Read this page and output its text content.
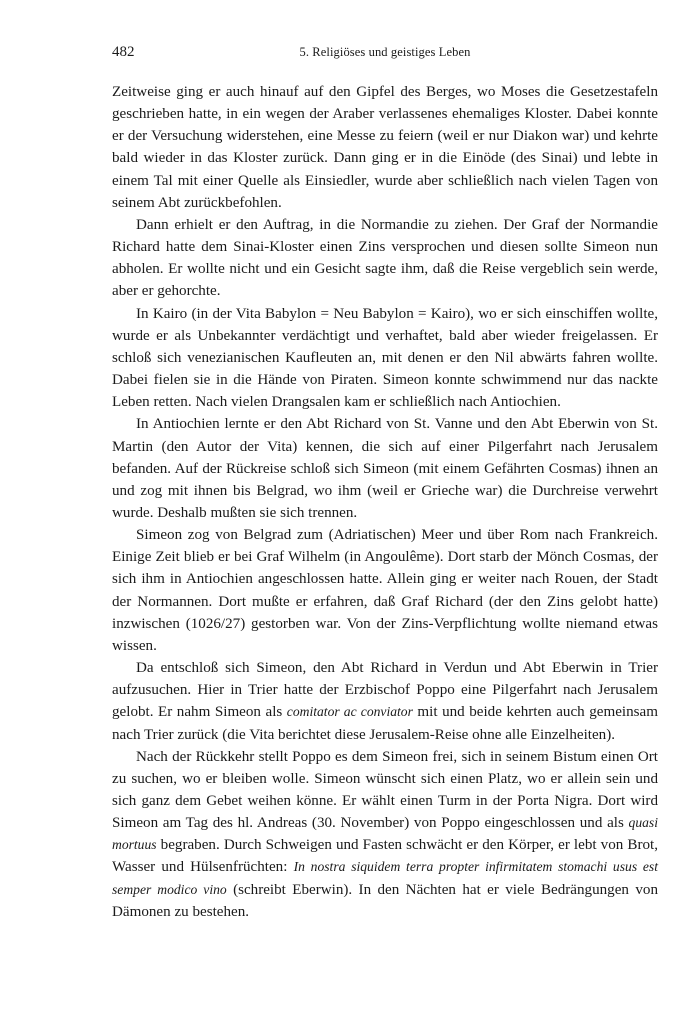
482	5. Religiöses und geistiges Leben

Zeitweise ging er auch hinauf auf den Gipfel des Berges, wo Moses die Gesetzestafeln geschrieben hatte, in ein wegen der Araber verlassenes ehemaliges Kloster. Dabei konnte er der Versuchung widerstehen, eine Messe zu feiern (weil er nur Diakon war) und kehrte bald wieder in das Kloster zurück. Dann ging er in die Einöde (des Sinai) und lebte in einem Tal mit einer Quelle als Einsiedler, wurde aber schließlich nach vielen Tagen von seinem Abt zurückbefohlen.

Dann erhielt er den Auftrag, in die Normandie zu ziehen. Der Graf der Normandie Richard hatte dem Sinai-Kloster einen Zins versprochen und diesen sollte Simeon nun abholen. Er wollte nicht und ein Gesicht sagte ihm, daß die Reise vergeblich sein werde, aber er gehorchte.

In Kairo (in der Vita Babylon = Neu Babylon = Kairo), wo er sich einschiffen wollte, wurde er als Unbekannter verdächtigt und verhaftet, bald aber wieder freigelassen. Er schloß sich venezianischen Kaufleuten an, mit denen er den Nil abwärts fahren wollte. Dabei fielen sie in die Hände von Piraten. Simeon konnte schwimmend nur das nackte Leben retten. Nach vielen Drangsalen kam er schließlich nach Antiochien.

In Antiochien lernte er den Abt Richard von St. Vanne und den Abt Eberwin von St. Martin (den Autor der Vita) kennen, die sich auf einer Pilgerfahrt nach Jerusalem befanden. Auf der Rückreise schloß sich Simeon (mit einem Gefährten Cosmas) ihnen an und zog mit ihnen bis Belgrad, wo ihm (weil er Grieche war) die Durchreise verwehrt wurde. Deshalb mußten sie sich trennen.

Simeon zog von Belgrad zum (Adriatischen) Meer und über Rom nach Frankreich. Einige Zeit blieb er bei Graf Wilhelm (in Angoulême). Dort starb der Mönch Cosmas, der sich ihm in Antiochien angeschlossen hatte. Allein ging er weiter nach Rouen, der Stadt der Normannen. Dort mußte er erfahren, daß Graf Richard (der den Zins gelobt hatte) inzwischen (1026/27) gestorben war. Von der Zins-Verpflichtung wollte niemand etwas wissen.

Da entschloß sich Simeon, den Abt Richard in Verdun und Abt Eberwin in Trier aufzusuchen. Hier in Trier hatte der Erzbischof Poppo eine Pilgerfahrt nach Jerusalem gelobt. Er nahm Simeon als comitator ac conviator mit und beide kehrten auch gemeinsam nach Trier zurück (die Vita berichtet diese Jerusalem-Reise ohne alle Einzelheiten).

Nach der Rückkehr stellt Poppo es dem Simeon frei, sich in seinem Bistum einen Ort zu suchen, wo er bleiben wolle. Simeon wünscht sich einen Platz, wo er allein sein und sich ganz dem Gebet weihen könne. Er wählt einen Turm in der Porta Nigra. Dort wird Simeon am Tag des hl. Andreas (30. November) von Poppo eingeschlossen und als quasi mortuus begraben. Durch Schweigen und Fasten schwächt er den Körper, er lebt von Brot, Wasser und Hülsenfrüchten: In nostra siquidem terra propter infirmitatem stomachi usus est semper modico vino (schreibt Eberwin). In den Nächten hat er viele Bedrängungen von Dämonen zu bestehen.
